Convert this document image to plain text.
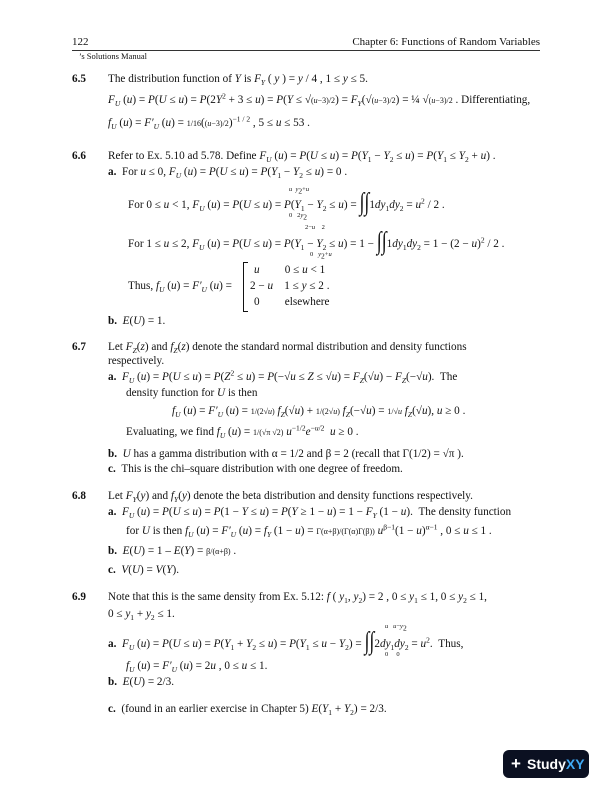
122	Chapter 6: Functions of Random Variables
’s Solutions Manual
6.5 The distribution function of Y is $F_Y$ ( y ) = y / 4 , 1 ≤ y ≤ 5.
$F_U$ $(u) = P(U \le u) = P(2Y^2 + 3 \le u) = P(Y \le √(u-3)/2) = F_Y(√(u-3)/2)$ = ¼ √(u−3)/2 . Differentiating,
$f_U$ $(u) = F'_U$ $(u) = 1/16((u-3)/2)^{-1 / 2}$ , 5 ≤ u ≤ 53 .
6.6 Refer to Ex. 5.10 ad 5.78. Define $F_U$ $(u) = P(U \le u) = P(Y_1 - Y_2 \le u) = P(Y_1 \le Y_2 + u)$ .
a.  For u ≤ 0, $F_U$ $(u) = P(U \le u) = P(Y_1 - Y_2 \le u) = 0$ .
u $y_2+u$
For 0 ≤ u < 1, $F_U$ $(u) = P(U \le u) = P(Y_1 - Y_2 \le u) = \int\int 1dy_1dy_2 = u^2 / 2$ .
0   $2y_2$
2−u    2
For 1 ≤ u ≤ 2, $F_U$ $(u) = P(U \le u) = P(Y_1 - Y_2 \le u) = 1 - \int\int 1dy_1dy_2 = 1 - (2 - u)^2 / 2$ .
0   $y_2+u$
Thus, $f_U$ $(u) = F'_U$ (u) =
u         0 ≤ u < 1
2 − u    1 ≤ y ≤ 2 .
0         elsewhere
b. E(U) = 1.
6.7 Let $F_Z(z)$ and $f_Z(z)$ denote the standard normal distribution and density functions
respectively.
a. $F_U$ $(u) = P(U \le u) = P(Z^2 \le u) = P(-√u \le Z \le √u) = F_Z(√u) - F_Z(-√u)$.  The
density function for U is then
$f_U$ $(u) = F'_U$ (u) = 1/(2√u) $f_Z(√u) + 1/(2√u) f_Z(-√u) = 1/√u$ $f_Z(√u)$, u ≥ 0 .
Evaluating, we find $f_U$ (u) = 1/(√π √2) $u^{-1/2}e^{-u/2}$ u ≥ 0 .
b. U has a gamma distribution with α = 1/2 and β = 2 (recall that Γ(1/2) = √π ).
c.  This is the chi–square distribution with one degree of freedom.
6.8 Let $F_Y(y)$ and $f_Y(y)$ denote the beta distribution and density functions respectively.
a. $F_U$ $(u) = P(U \le u) = P(1 - Y \le u) = P(Y \ge 1 - u) = 1 - F_Y$ (1 − u).  The density function
for U is then $f_U$ $(u) = F'_U$ $(u) = f_Y$ (1 − u) = Γ(α+β)/(Γ(α)Γ(β)) $u^{\beta-1}(1 - u)^{\alpha-1}$ , 0 ≤ u ≤ 1 .
b. E(U) = 1 – E(Y) = β/(α+β) .
c. V(U) = V(Y).
6.9 Note that this is the same density from Ex. 5.12: f ( $y_1$, $y_2) = 2$ , $0 \le y_1 \le 1$, $0 \le y_2 \le 1$,
$0 \le y_1 + y_2 \le 1$.
u $u-y_2$
a. $F_U$ $(u) = P(U \le u) = P(Y_1 + Y_2 \le u) = P(Y_1 \le u - Y_2) = \int\int 2dy_1dy_2 = u^2$.  Thus,
0     0
$f_U$ $(u) = F'_U$ (u) = 2u , 0 ≤ u ≤ 1.
b. E(U) = 2/3.
c.  (found in an earlier exercise in Chapter 5) $E(Y_1 + Y_2) = 2/3$.
+ StudyXY
